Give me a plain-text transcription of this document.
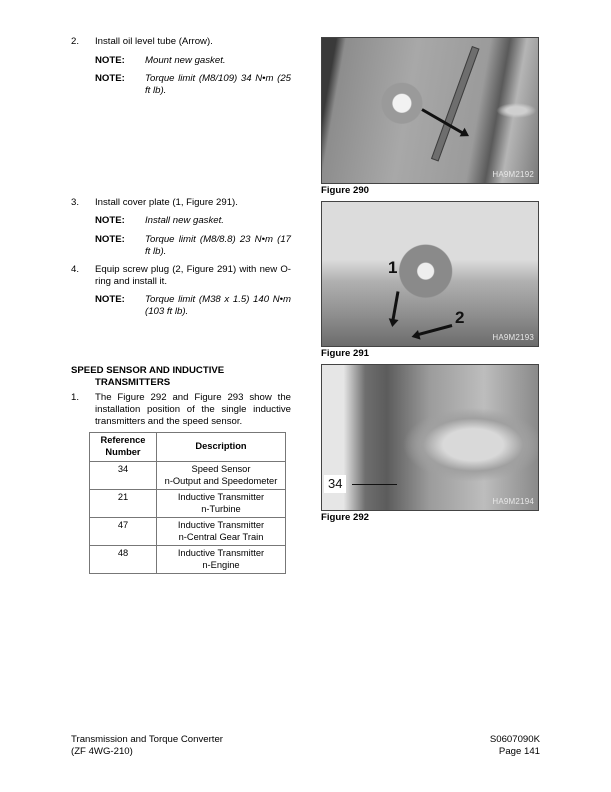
2. Install oil level tube (Arrow).
NOTE: Mount new gasket.
NOTE: Torque limit (M8/109) 34 N•m (25 ft lb).
3. Install cover plate (1, Figure 291).
NOTE: Install new gasket.
NOTE: Torque limit (M8/8.8) 23 N•m (17 ft lb).
4. Equip screw plug (2, Figure 291) with new O-ring and install it.
NOTE: Torque limit (M38 x 1.5) 140 N•m (103 ft lb).
SPEED SENSOR AND INDUCTIVE
TRANSMITTERS
1. The Figure 292 and Figure 293 show the installation position of the single inductive transmitters and the speed sensor.
Reference Number	Description
34	Speed Sensor
n-Output and Speedometer
21	Inductive Transmitter
n-Turbine
47	Inductive Transmitter
n-Central Gear Train
48	Inductive Transmitter
n-Engine
HA9M2192
Figure 290
1
2
HA9M2193
Figure 291
34
HA9M2194
Figure 292
Transmission and Torque Converter
(ZF 4WG-210)
S0607090K
Page 141
